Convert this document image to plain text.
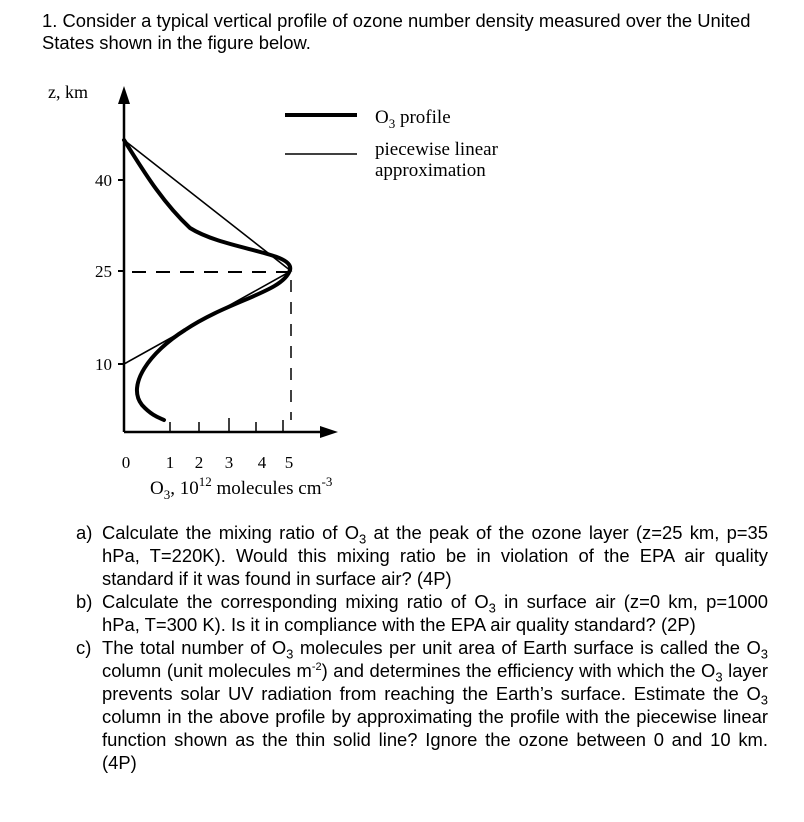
1. Consider a typical vertical profile of ozone number density measured over the United States shown in the figure below.
$O_3$ profile
piecewise linear
approximation
z, km
40
25
10
0 1 2 3 4 5
$O_3$, $10^{12}$ molecules $cm^{-3}$
a) Calculate the mixing ratio of $O_3$ at the peak of the ozone layer (z=25 km, p=35 hPa, T=220K). Would this mixing ratio be in violation of the EPA air quality standard if it was found in surface air? (4P)
b) Calculate the corresponding mixing ratio of $O_3$ in surface air (z=0 km, p=1000 hPa, T=300 K). Is it in compliance with the EPA air quality standard? (2P)
c) The total number of $O_3$ molecules per unit area of Earth surface is called the $O_3$ column (unit molecules $m^{-2}$) and determines the efficiency with which the $O_3$ layer prevents solar UV radiation from reaching the Earth’s surface. Estimate the $O_3$ column in the above profile by approximating the profile with the piecewise linear function shown as the thin solid line? Ignore the ozone between 0 and 10 km. (4P)
